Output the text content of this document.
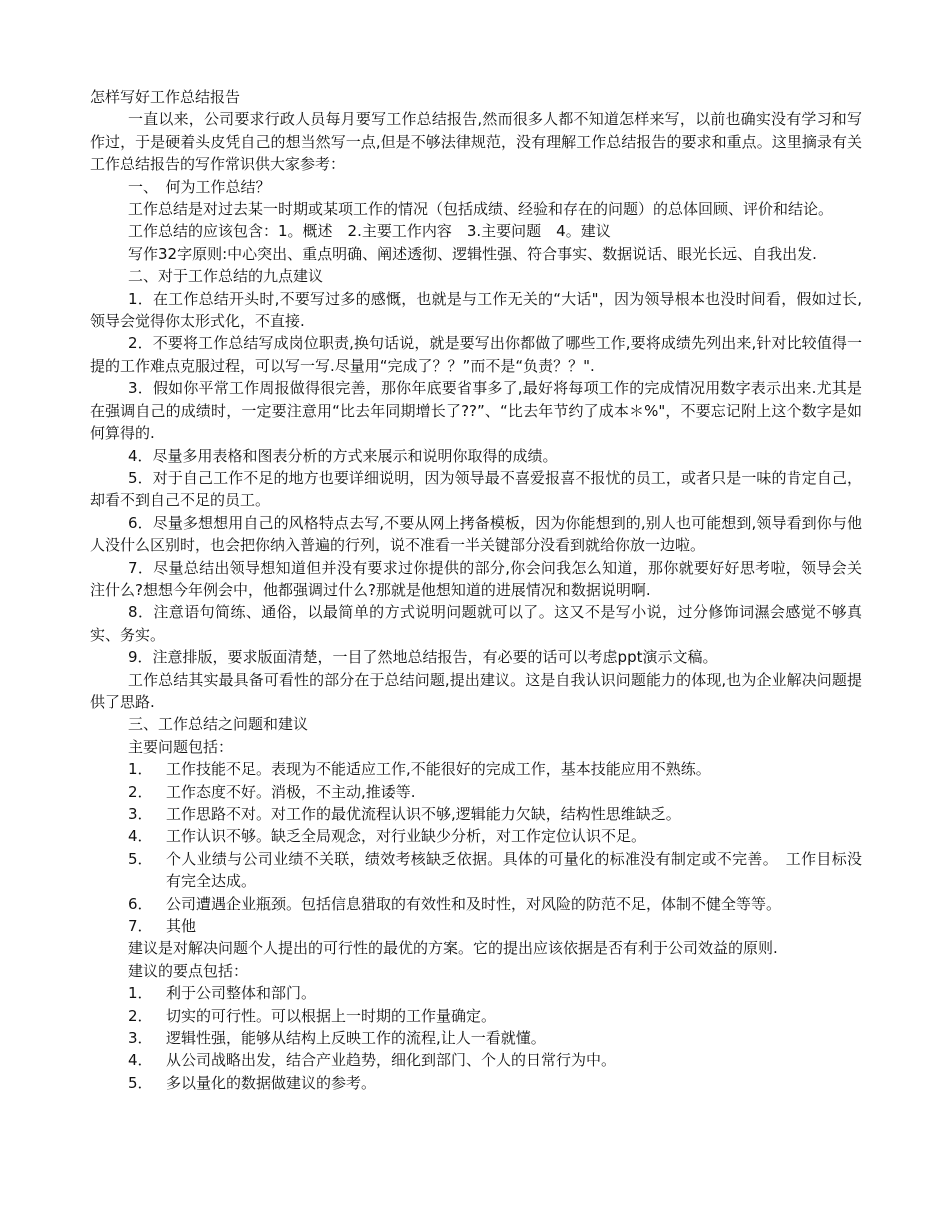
怎样写好工作总结报告

一直以来，公司要求行政人员每月要写工作总结报告,然而很多人都不知道怎样来写，以前也确实没有学习和写作过，于是硬着头皮凭自己的想当然写一点,但是不够法律规范，没有理解工作总结报告的要求和重点。这里摘录有关工作总结报告的写作常识供大家参考：

一、　何为工作总结？

工作总结是对过去某一时期或某项工作的情况（包括成绩、经验和存在的问题）的总体回顾、评价和结论。

工作总结的应该包含：1。概述　2.主要工作内容　3.主要问题　4。建议

写作32字原则:中心突出、重点明确、阐述透彻、逻辑性强、符合事实、数据说话、眼光长远、自我出发.

二、对于工作总结的九点建议

1．在工作总结开头时,不要写过多的感慨，也就是与工作无关的“大话"，因为领导根本也没时间看，假如过长,领导会觉得你太形式化，不直接.

2．不要将工作总结写成岗位职责,换句话说，就是要写出你都做了哪些工作,要将成绩先列出来,针对比较值得一提的工作难点克服过程，可以写一写.尽量用“完成了？？”而不是“负责？？".

3．假如你平常工作周报做得很完善，那你年底要省事多了,最好将每项工作的完成情况用数字表示出来.尤其是在强调自己的成绩时，一定要注意用“比去年同期增长了??”、“比去年节约了成本＊%"，不要忘记附上这个数字是如何算得的.

4．尽量多用表格和图表分析的方式来展示和说明你取得的成绩。

5．对于自己工作不足的地方也要详细说明，因为领导最不喜爱报喜不报忧的员工，或者只是一味的肯定自己，却看不到自己不足的员工。

6．尽量多想想用自己的风格特点去写,不要从网上拷备模板，因为你能想到的,别人也可能想到,领导看到你与他人没什么区别时，也会把你纳入普遍的行列，说不准看一半关键部分没看到就给你放一边啦。

7．尽量总结出领导想知道但并没有要求过你提供的部分,你会问我怎么知道，那你就要好好思考啦，领导会关注什么?想想今年例会中，他都强调过什么?那就是他想知道的进展情况和数据说明啊.

8．注意语句简练、通俗，以最简单的方式说明问题就可以了。这又不是写小说，过分修饰词濕会感觉不够真实、务实。

9．注意排版，要求版面清楚，一目了然地总结报告，有必要的话可以考虑ppt演示文稿。

工作总结其实最具备可看性的部分在于总结问题,提出建议。这是自我认识问题能力的体现,也为企业解决问题提供了思路.

三、工作总结之问题和建议

主要问题包括：

1． 工作技能不足。表现为不能适应工作,不能很好的完成工作，基本技能应用不熟练。
2． 工作态度不好。消极，不主动,推诿等.
3． 工作思路不对。对工作的最优流程认识不够,逻辑能力欠缺，结构性思维缺乏。
4． 工作认识不够。缺乏全局观念，对行业缺少分析，对工作定位认识不足。
5． 个人业绩与公司业绩不关联，绩效考核缺乏依据。具体的可量化的标准没有制定或不完善。　工作目标没有完全达成。
6． 公司遭遇企业瓶颈。包括信息猎取的有效性和及时性，对风险的防范不足，体制不健全等等。
7． 其他

建议是对解决问题个人提出的可行性的最优的方案。它的提出应该依据是否有利于公司效益的原则.

建议的要点包括：

1． 利于公司整体和部门。
2． 切实的可行性。可以根据上一时期的工作量确定。
3． 逻辑性强，能够从结构上反映工作的流程,让人一看就懂。
4． 从公司战略出发，结合产业趋势，细化到部门、个人的日常行为中。
5． 多以量化的数据做建议的参考。
